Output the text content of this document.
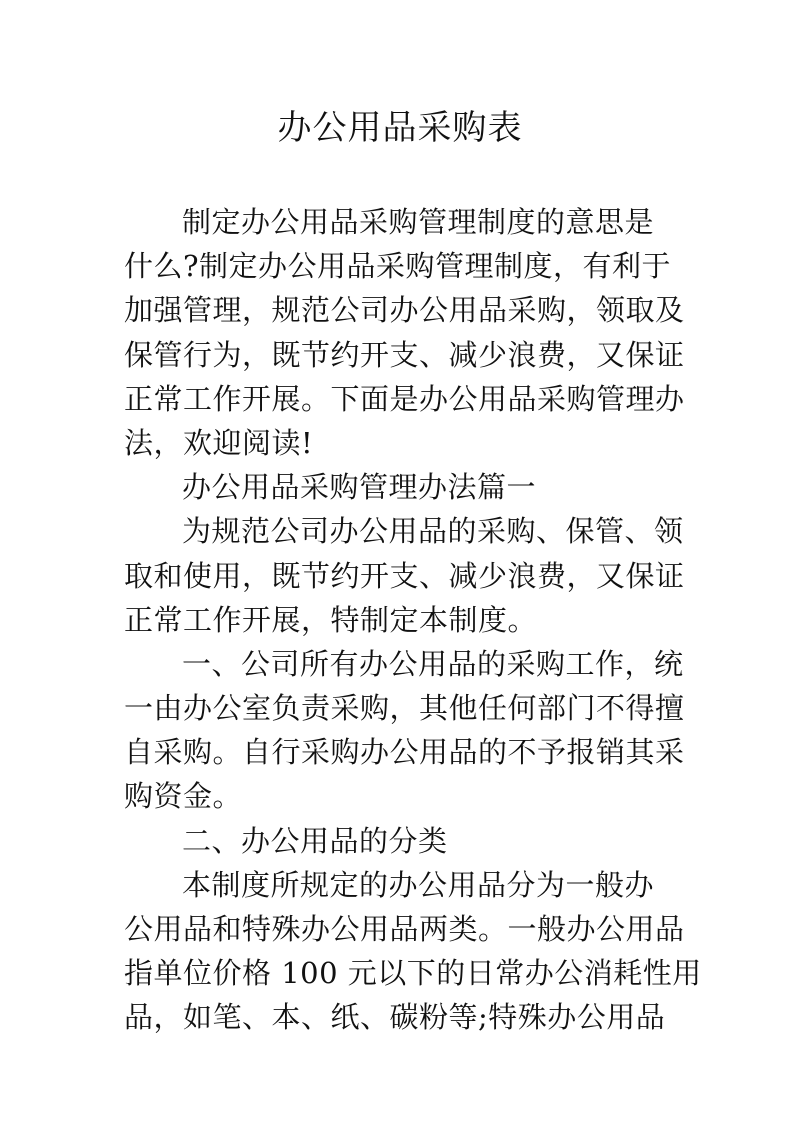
办公用品采购表
制定办公用品采购管理制度的意思是
什么?制定办公用品采购管理制度，有利于
加强管理，规范公司办公用品采购，领取及
保管行为，既节约开支、减少浪费，又保证
正常工作开展。下面是办公用品采购管理办
法，欢迎阅读!
办公用品采购管理办法篇一
为规范公司办公用品的采购、保管、领
取和使用，既节约开支、减少浪费，又保证
正常工作开展，特制定本制度。
一、公司所有办公用品的采购工作，统
一由办公室负责采购，其他任何部门不得擅
自采购。自行采购办公用品的不予报销其采
购资金。
二、办公用品的分类
本制度所规定的办公用品分为一般办
公用品和特殊办公用品两类。一般办公用品
指单位价格 100 元以下的日常办公消耗性用
品，如笔、本、纸、碳粉等;特殊办公用品
